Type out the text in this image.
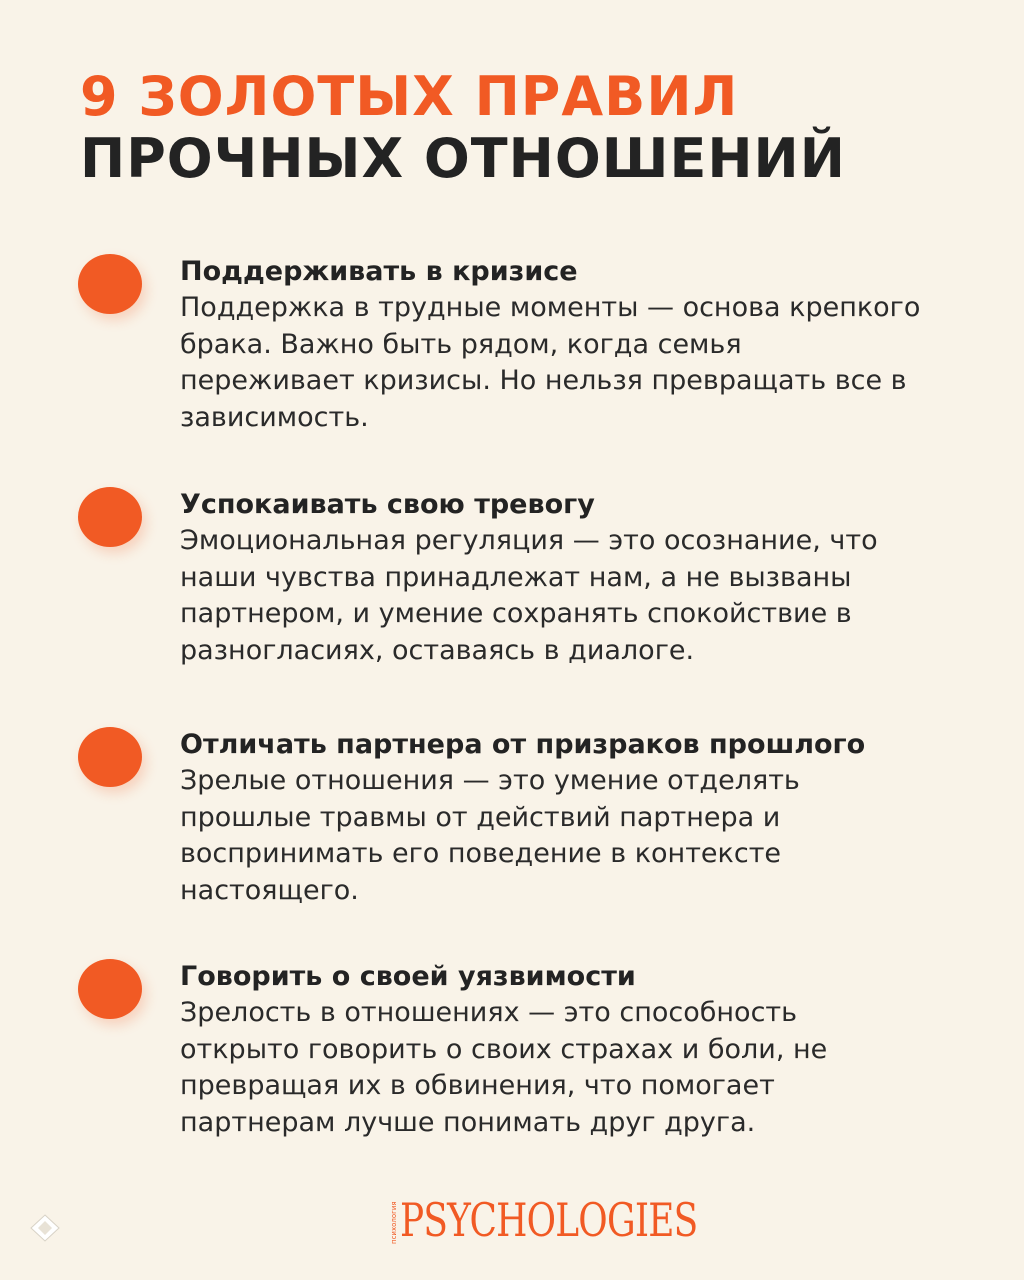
9 ЗОЛОТЫХ ПРАВИЛ
ПРОЧНЫХ ОТНОШЕНИЙ

Поддерживать в кризисе

Поддержка в трудные моменты — основа крепкого
брака. Важно быть рядом, когда семья
переживает кризисы. Но нельзя превращать все в
зависимость.

Успокаивать свою тревогу

Эмоциональная регуляция — это осознание, что
наши чувства принадлежат нам, а не вызваны
партнером, и умение сохранять спокойствие в
разногласиях, оставаясь в диалоге.

Отличать партнера от призраков прошлого

Зрелые отношения — это умение отделять
прошлые травмы от действий партнера и
воспринимать его поведение в контексте
настоящего.

Говорить о своей уязвимости

Зрелость в отношениях — это способность
открыто говорить о своих страхах и боли, не
превращая их в обвинения, что помогает
партнерам лучше понимать друг друга.

психология PSYCHOLOGIES
